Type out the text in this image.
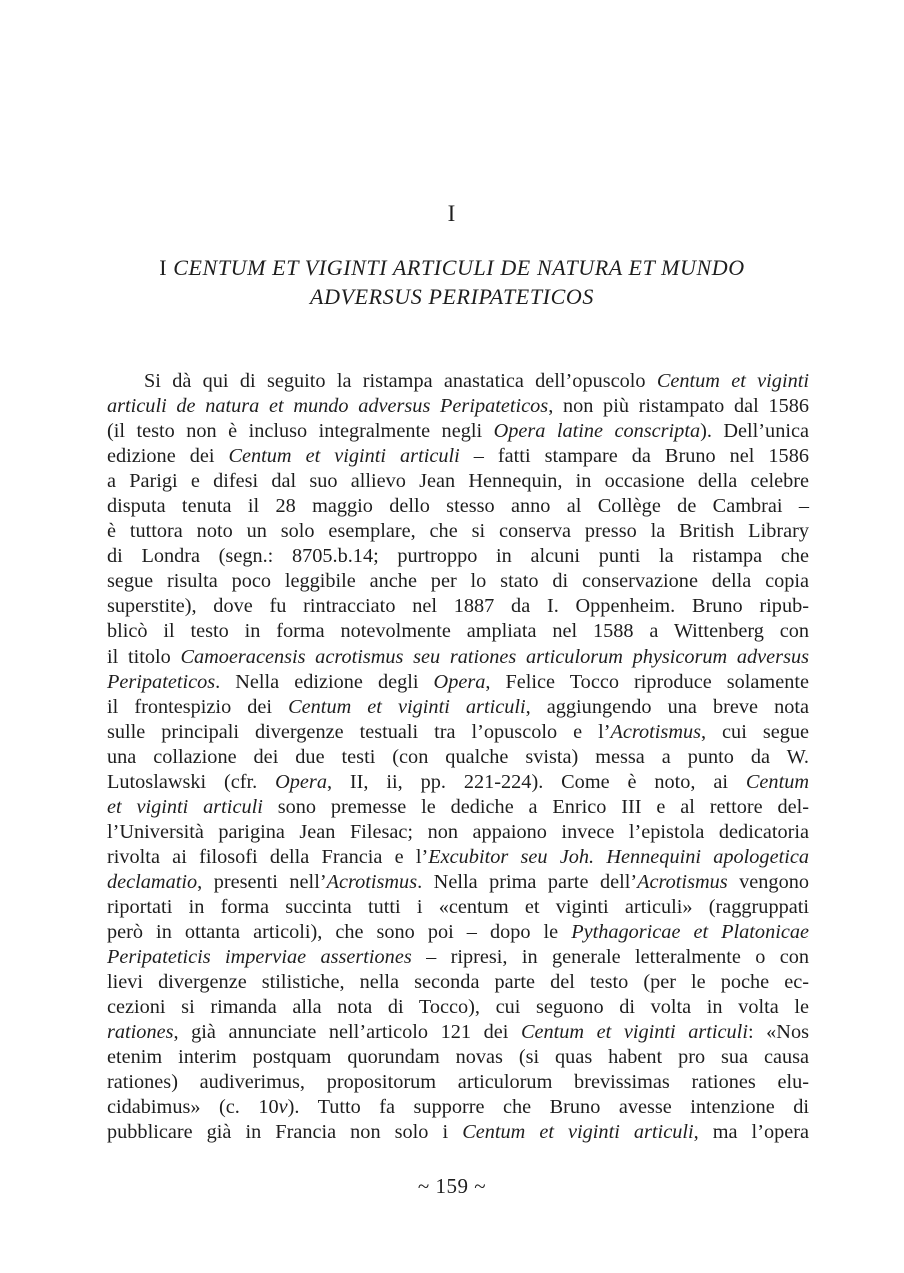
I
I CENTUM ET VIGINTI ARTICULI DE NATURA ET MUNDO
ADVERSUS PERIPATETICOS
Si dà qui di seguito la ristampa anastatica dell’opuscolo Centum et viginti
articuli de natura et mundo adversus Peripateticos, non più ristampato dal 1586
(il testo non è incluso integralmente negli Opera latine conscripta). Dell’unica
edizione dei Centum et viginti articuli – fatti stampare da Bruno nel 1586
a Parigi e difesi dal suo allievo Jean Hennequin, in occasione della celebre
disputa tenuta il 28 maggio dello stesso anno al Collège de Cambrai –
è tuttora noto un solo esemplare, che si conserva presso la British Library
di Londra (segn.: 8705.b.14; purtroppo in alcuni punti la ristampa che
segue risulta poco leggibile anche per lo stato di conservazione della copia
superstite), dove fu rintracciato nel 1887 da I. Oppenheim. Bruno ripub-
blicò il testo in forma notevolmente ampliata nel 1588 a Wittenberg con
il titolo Camoeracensis acrotismus seu rationes articulorum physicorum adversus
Peripateticos. Nella edizione degli Opera, Felice Tocco riproduce solamente
il frontespizio dei Centum et viginti articuli, aggiungendo una breve nota
sulle principali divergenze testuali tra l’opuscolo e l’Acrotismus, cui segue
una collazione dei due testi (con qualche svista) messa a punto da W.
Lutoslawski (cfr. Opera, II, ii, pp. 221-224). Come è noto, ai Centum
et viginti articuli sono premesse le dediche a Enrico III e al rettore del-
l’Università parigina Jean Filesac; non appaiono invece l’epistola dedicatoria
rivolta ai filosofi della Francia e l’Excubitor seu Joh. Hennequini apologetica
declamatio, presenti nell’Acrotismus. Nella prima parte dell’Acrotismus vengono
riportati in forma succinta tutti i «centum et viginti articuli» (raggruppati
però in ottanta articoli), che sono poi – dopo le Pythagoricae et Platonicae
Peripateticis imperviae assertiones – ripresi, in generale letteralmente o con
lievi divergenze stilistiche, nella seconda parte del testo (per le poche ec-
cezioni si rimanda alla nota di Tocco), cui seguono di volta in volta le
rationes, già annunciate nell’articolo 121 dei Centum et viginti articuli: «Nos
etenim interim postquam quorundam novas (si quas habent pro sua causa
rationes) audiverimus, propositorum articulorum brevissimas rationes elu-
cidabimus» (c. 10v). Tutto fa supporre che Bruno avesse intenzione di
pubblicare già in Francia non solo i Centum et viginti articuli, ma l’opera
~ 159 ~
